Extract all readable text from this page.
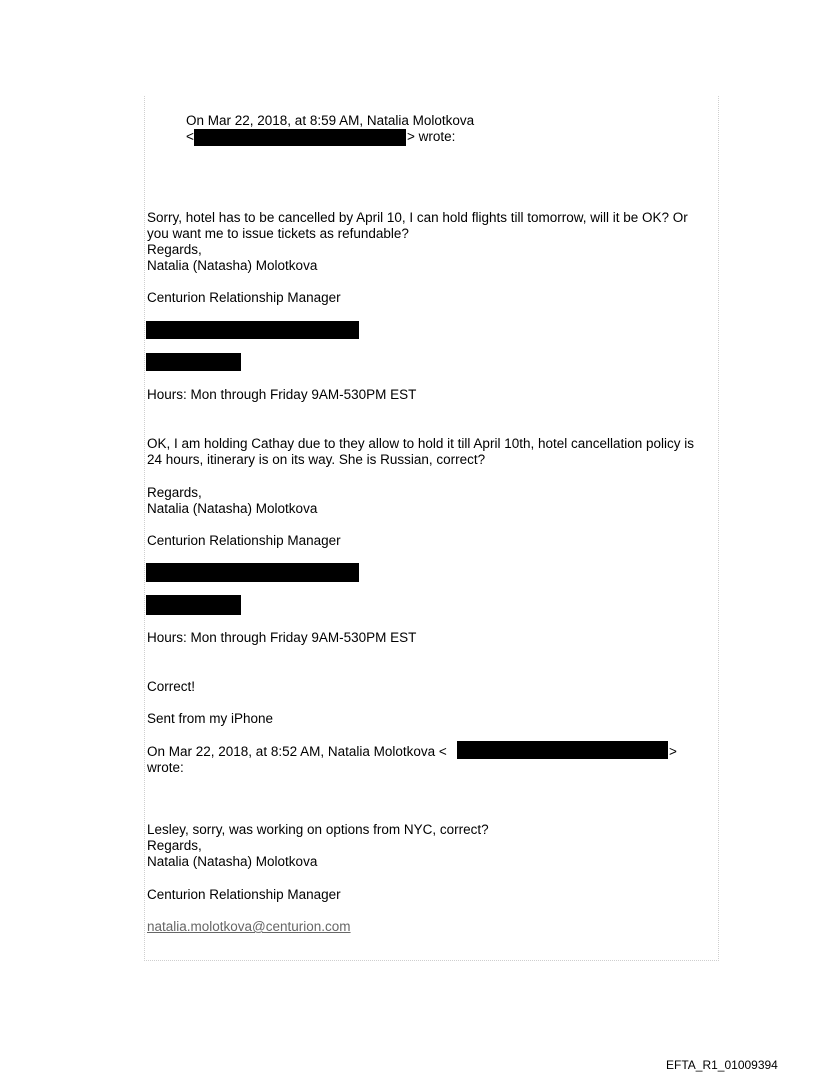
On Mar 22, 2018, at 8:59 AM, Natalia Molotkova
<	> wrote:
Sorry, hotel has to be cancelled by April 10, I can hold flights till tomorrow, will it be OK? Or
you want me to issue tickets as refundable?
Regards,
Natalia (Natasha) Molotkova
Centurion Relationship Manager
Hours: Mon through Friday 9AM-530PM EST
OK, I am holding Cathay due to they allow to hold it till April 10th, hotel cancellation policy is
24 hours, itinerary is on its way. She is Russian, correct?
Regards,
Natalia (Natasha) Molotkova
Centurion Relationship Manager
Hours: Mon through Friday 9AM-530PM EST
Correct!
Sent from my iPhone
On Mar 22, 2018, at 8:52 AM, Natalia Molotkova <	>
wrote:
Lesley, sorry, was working on options from NYC, correct?
Regards,
Natalia (Natasha) Molotkova
Centurion Relationship Manager
natalia.molotkova@centurion.com
EFTA_R1_01009394
